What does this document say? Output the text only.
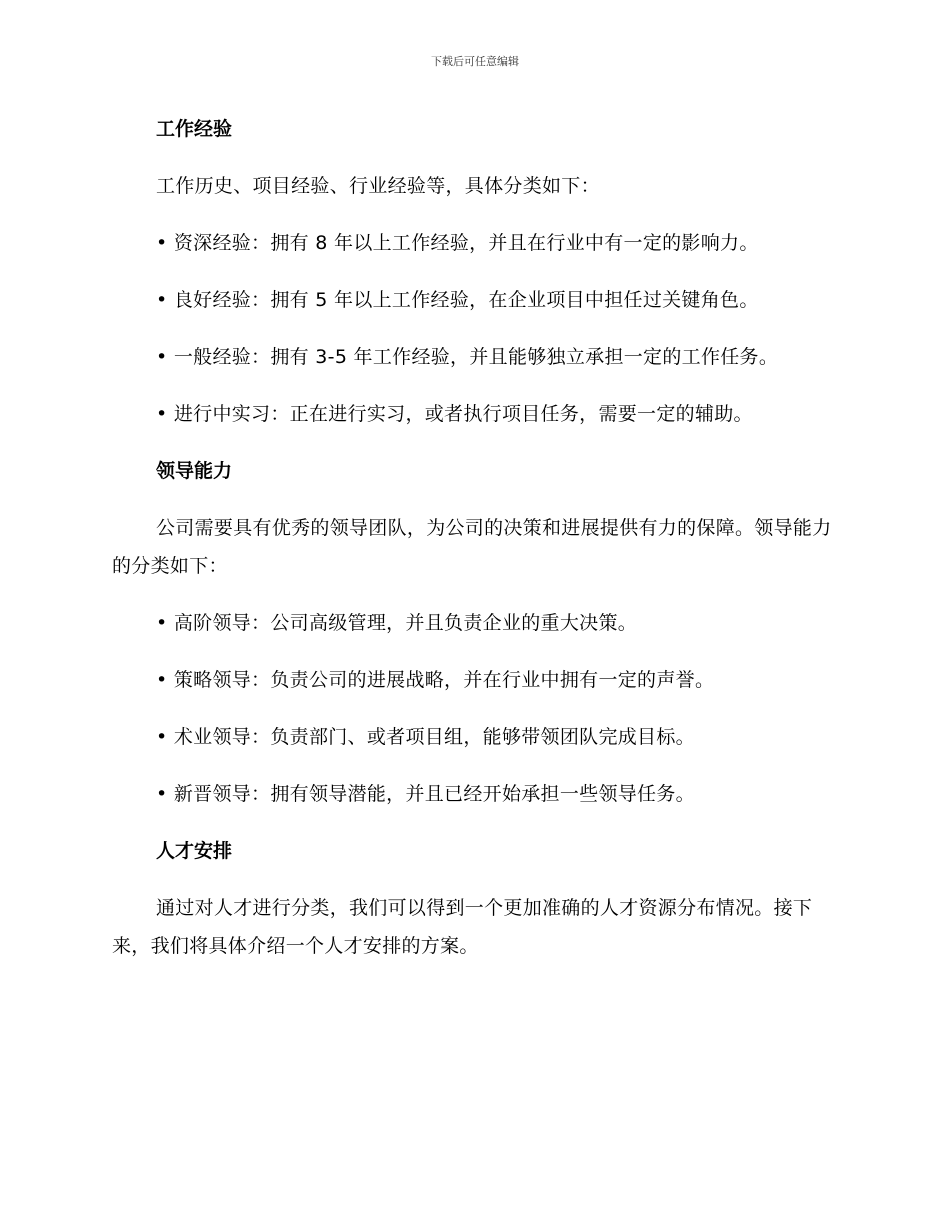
下载后可任意编辑
工作经验

工作历史、项目经验、行业经验等，具体分类如下：

• 资深经验：拥有 8 年以上工作经验，并且在行业中有一定的影响力。
• 良好经验：拥有 5 年以上工作经验，在企业项目中担任过关键角色。
• 一般经验：拥有 3-5 年工作经验，并且能够独立承担一定的工作任务。
• 进行中实习：正在进行实习，或者执行项目任务，需要一定的辅助。
领导能力

公司需要具有优秀的领导团队，为公司的决策和进展提供有力的保障。领导能力的分类如下：

• 高阶领导：公司高级管理，并且负责企业的重大决策。
• 策略领导：负责公司的进展战略，并在行业中拥有一定的声誉。
• 术业领导：负责部门、或者项目组，能够带领团队完成目标。
• 新晋领导：拥有领导潜能，并且已经开始承担一些领导任务。
人才安排

通过对人才进行分类，我们可以得到一个更加准确的人才资源分布情况。接下来，我们将具体介绍一个人才安排的方案。
